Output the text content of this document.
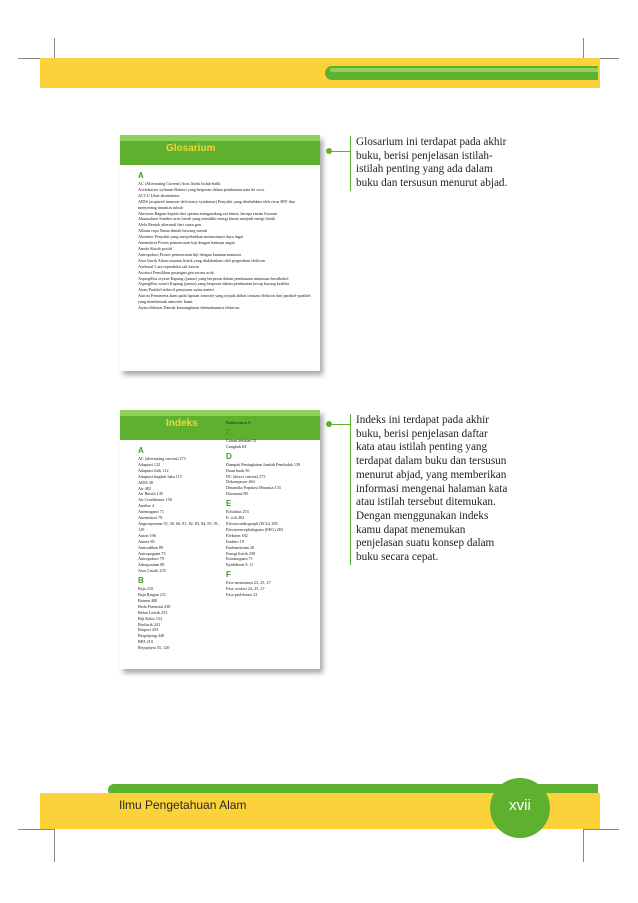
Glosarium
A
AC (Alternating Current) Arus listrik bolak-balik
Acetobacter xylinum Bakteri yang berperan dalam pembuatan nata de coco.
ACCU Lihat akumulator
AIDS (acquired immune deficiency syndrome) Penyakit yang disebabkan oleh virus HIV dan menyerang imunitas tubuh
Akrosom Bagian kepala dari sperma mengandung zat kimia, berupa enzim lisozom
Akumulator Sumber arus listrik yang memiliki energi kimia menjadi energi listrik
Alela Bentuk alternatif dari suatu gen
Allium cepa Nama ilmiah bawang merah
Alzeimer Penyakit yang menyebabkan menurunnya daya ingat
Anemokori Proses pemencaran biji dengan bantuan angin
Anoda Kutub positif
Antropokori Proses pemencaran biji dengan bantuan manusia
Arus listrik Aliran muatan listrik yang diakibatkan oleh pergerakan elektron
Aseksual Cara reproduksi tak kawin
Asortasi Pemilihan pasangan gen secara acak
Aspergillus oryzae Kapang (jamur) yang berperan dalam pembuatan minuman beralkohol
Aspergillus wentii Kapang (jamur) yang berperan dalam pembuatan kecap kacang kedelai
Atom Partikel terkecil penyusun suatu materi
Aurora Fenomena alam pada lapisan ionosfer yang terjadi akibat ionisasi elektron dari partikel-partikel yang membentuk atmosfer bumi.
Awan elektron Daerah kemungkinan ditemukannya elektron.
Indeks
A
AC (alternating current) 273
Adaptasi 122
Adaptasi fisik 112
Adaptasi tingkah laku 115
AIDS 38
Air 482
Air Bersih 145
Air Conditioner 156
Analise 4
Anemogami 71
Anemokori 78
Angiospermae 55, 56, 66, 81, 82, 83, 84, 85, 91, 129
Anion 196
Antera 83
Antiradikan 89
Antropogami 73
Antropokori 79
Arkegonium 89
Arus Listrik 235
B
Baja 210
Baja Ringan 211
Bainan 480
Beda Potensial 238
Bebat Listrik 253
Biji Kelor 152
Biofisrik 241
Biopori 433
Biopolping 440
BPA 210
Bryophyta 55, 120
Bulbosetrica 9
C
Cairan ketuban 31
Cangkok 64
D
Dampak Peningkatan Jumlah Penduduk 139
Daun buah 56
DC (direct current) 273
Dekomposer 464
Dinamika Populasi Manusia 133
Dormansi 80
E
Echidnas 253
E. coli 202
Electrocardiograph (ECG) 283
Electroencephalogram (EEG) 283
Elektron 182
Embrio 19
Endometrium 20
Energi listrik 238
Entomogami 71
Epididimis 9, 11
F
Fase menstruasi 23, 25, 27
Fase ovulasi 24, 25, 27
Fase proliferasi 23
Glosarium ini terdapat pada akhir buku, berisi penjelasan istilah-istilah penting yang ada dalam buku dan tersusun menurut abjad.
Indeks ini terdapat pada akhir buku, berisi penjelasan daftar kata atau istilah penting yang terdapat dalam buku dan tersusun menurut abjad, yang memberikan informasi mengenai halaman kata atau istilah tersebut ditemukan. Dengan menggunakan indeks kamu dapat menemukan penjelasan suatu konsep dalam buku secara cepat.
Ilmu Pengetahuan Alam	xvii
